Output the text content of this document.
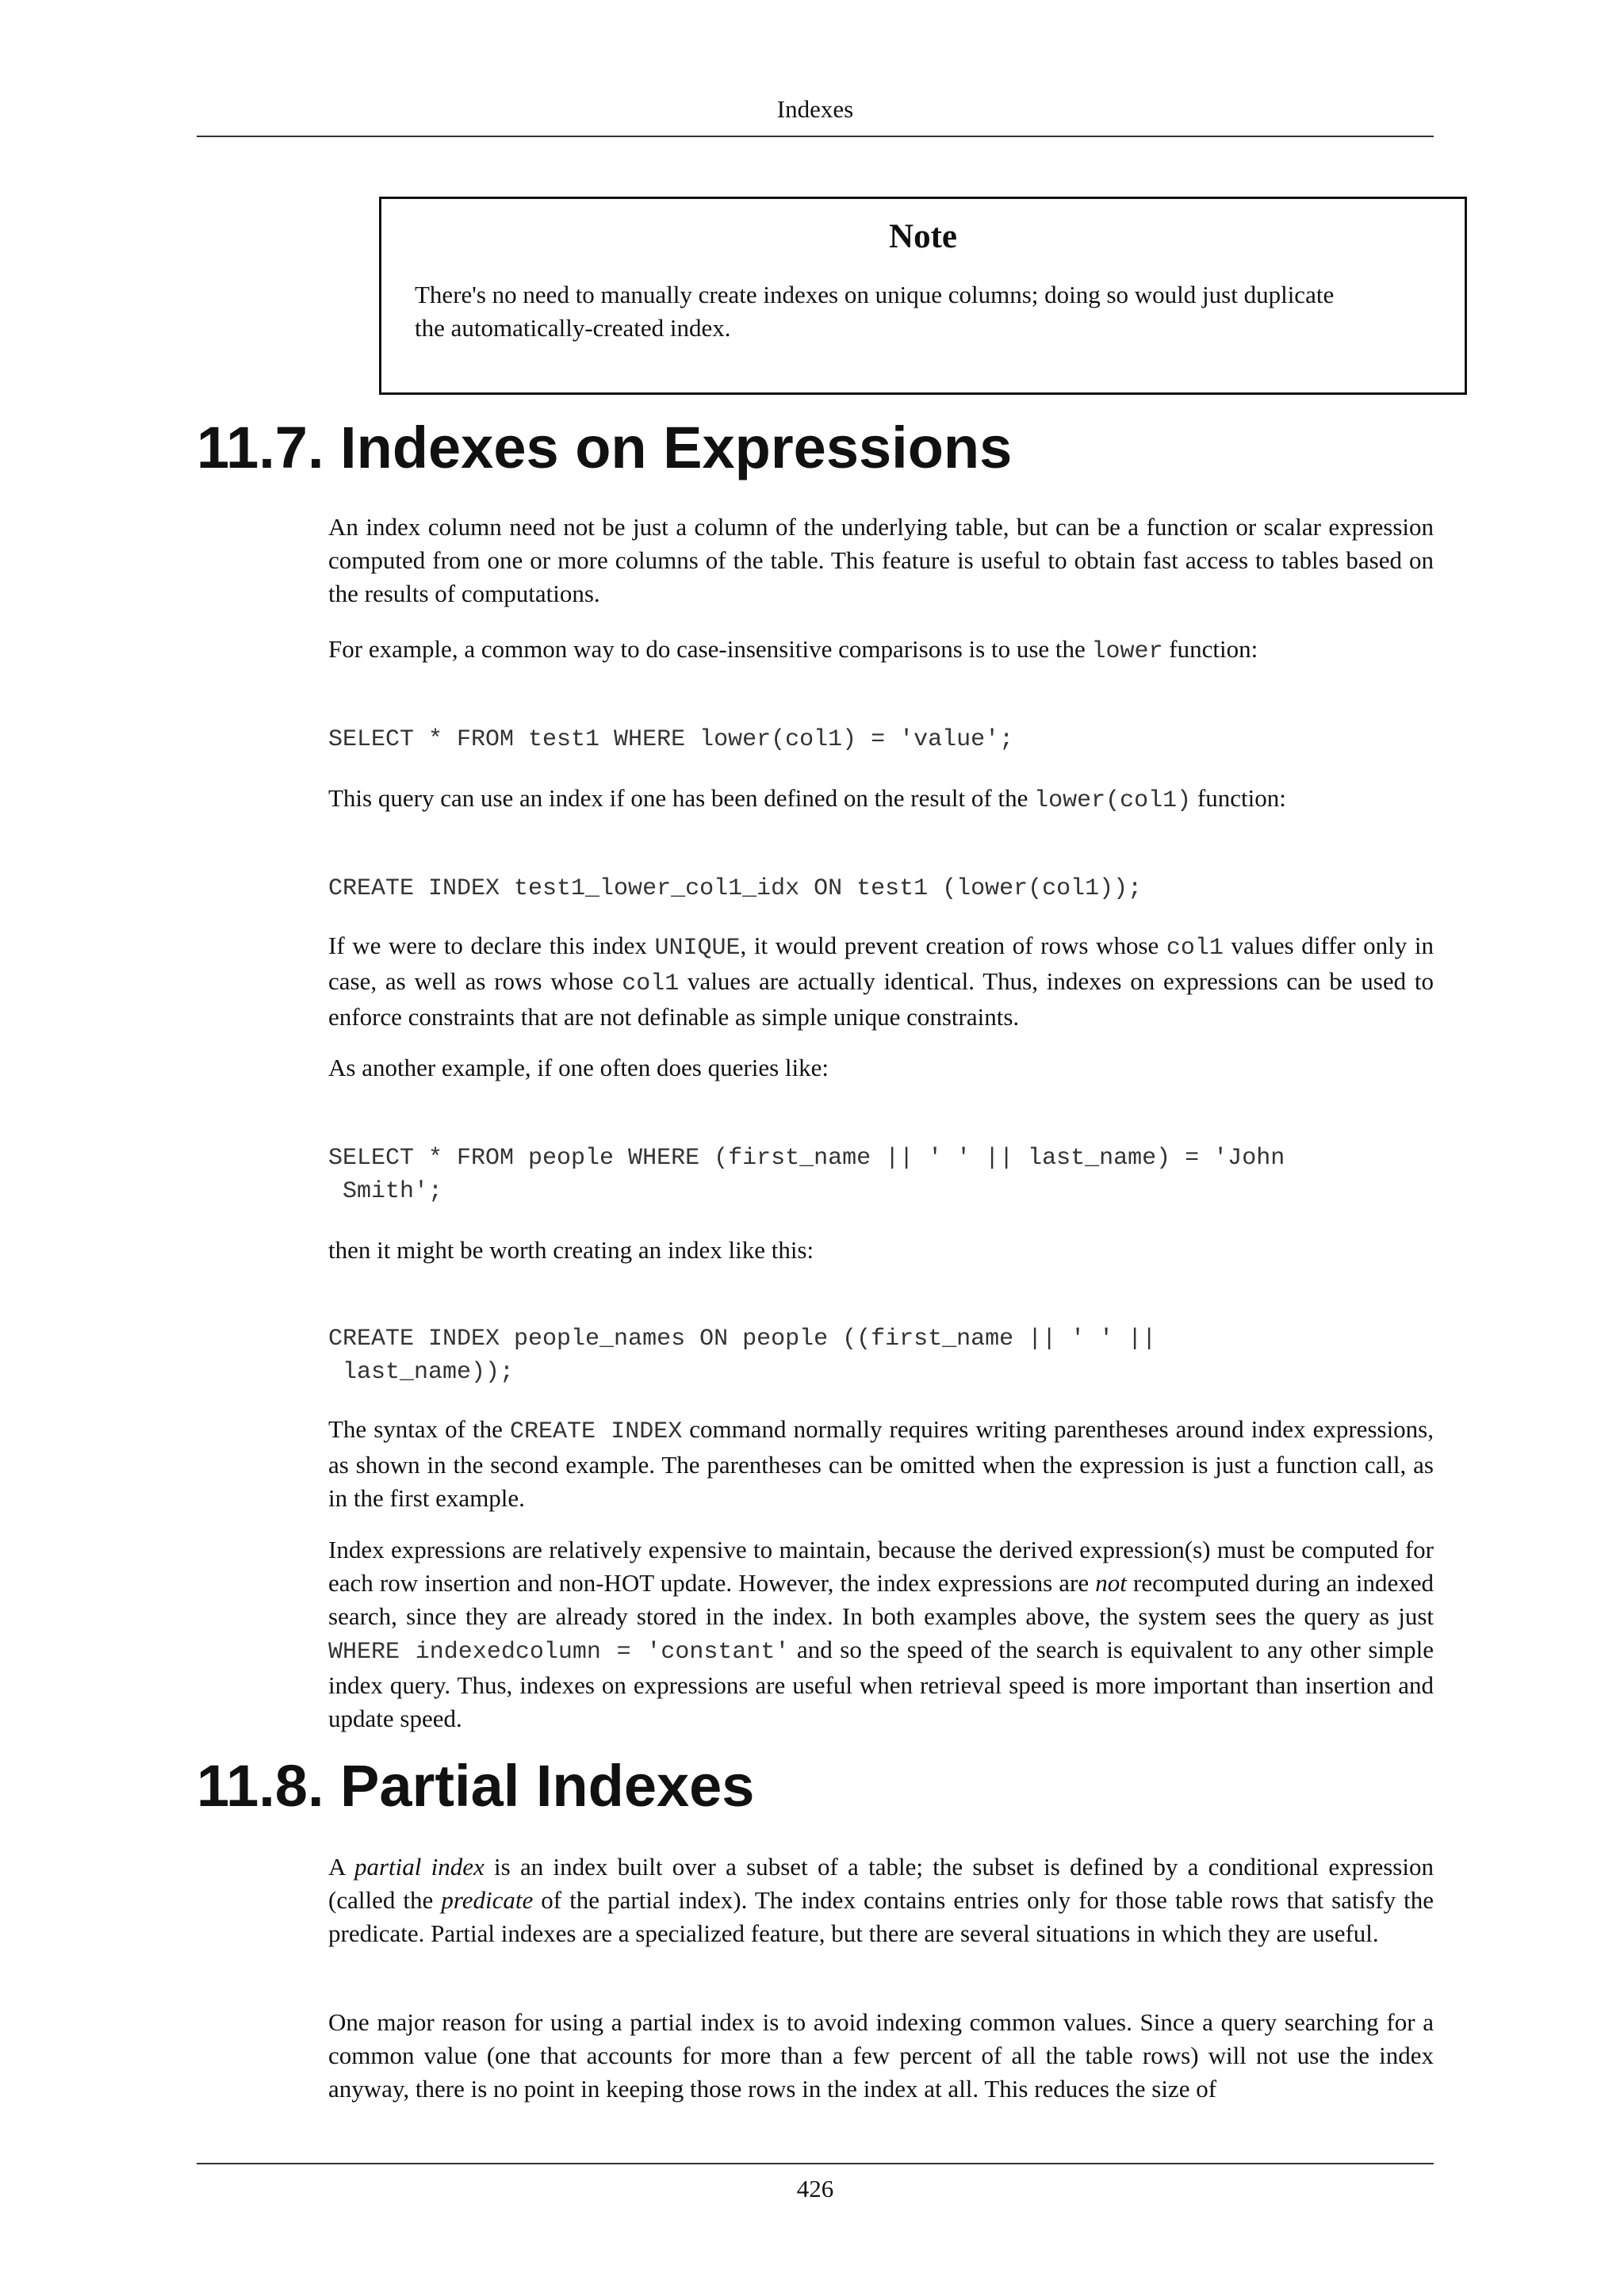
Indexes
Note

There's no need to manually create indexes on unique columns; doing so would just duplicate
the automatically-created index.

11.7. Indexes on Expressions

An index column need not be just a column of the underlying table, but can be a function or scalar expression computed from one or more columns of the table. This feature is useful to obtain fast access to tables based on the results of computations.

For example, a common way to do case-insensitive comparisons is to use the lower function:

SELECT * FROM test1 WHERE lower(col1) = 'value';

This query can use an index if one has been defined on the result of the lower(col1) function:

CREATE INDEX test1_lower_col1_idx ON test1 (lower(col1));

If we were to declare this index UNIQUE, it would prevent creation of rows whose col1 values differ only in case, as well as rows whose col1 values are actually identical. Thus, indexes on expressions can be used to enforce constraints that are not definable as simple unique constraints.

As another example, if one often does queries like:

SELECT * FROM people WHERE (first_name || ' ' || last_name) = 'John
Smith';

then it might be worth creating an index like this:

CREATE INDEX people_names ON people ((first_name || ' ' ||
last_name));

The syntax of the CREATE INDEX command normally requires writing parentheses around index expressions, as shown in the second example. The parentheses can be omitted when the expression is just a function call, as in the first example.

Index expressions are relatively expensive to maintain, because the derived expression(s) must be computed for each row insertion and non-HOT update. However, the index expressions are not recomputed during an indexed search, since they are already stored in the index. In both examples above, the system sees the query as just WHERE indexedcolumn = 'constant' and so the speed of the search is equivalent to any other simple index query. Thus, indexes on expressions are useful when retrieval speed is more important than insertion and update speed.

11.8. Partial Indexes

A partial index is an index built over a subset of a table; the subset is defined by a conditional expression (called the predicate of the partial index). The index contains entries only for those table rows that satisfy the predicate. Partial indexes are a specialized feature, but there are several situations in which they are useful.

One major reason for using a partial index is to avoid indexing common values. Since a query searching for a common value (one that accounts for more than a few percent of all the table rows) will not use the index anyway, there is no point in keeping those rows in the index at all. This reduces the size of

426
